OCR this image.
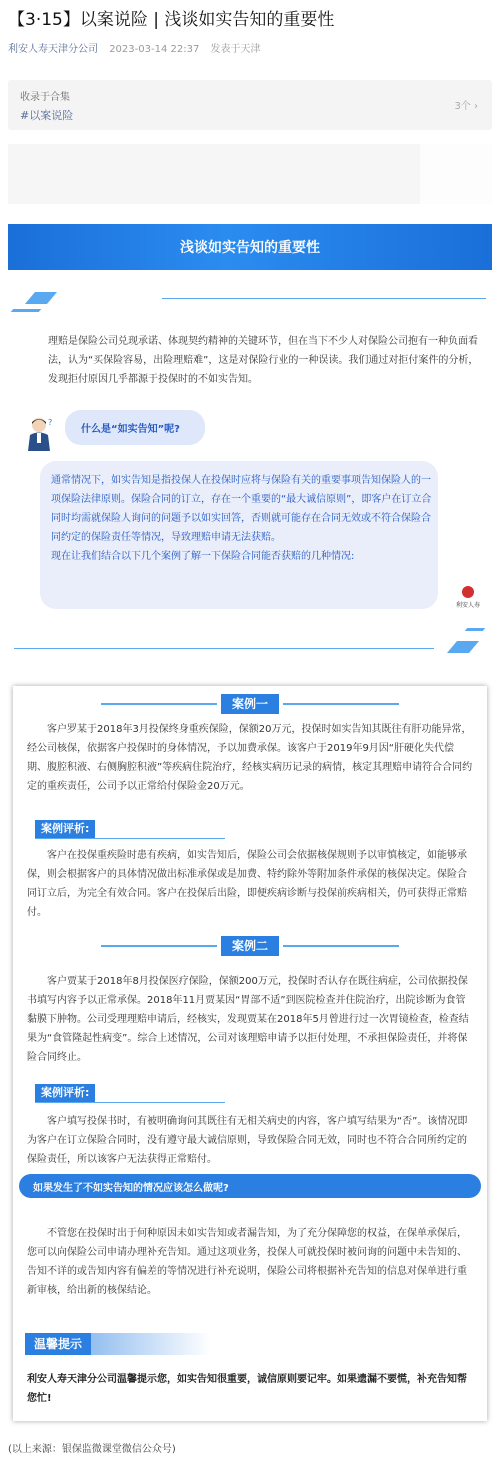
【3·15】以案说险 | 浅谈如实告知的重要性
利安人寿天津分公司 2023-03-14 22:37 发表于天津
收录于合集
#以案说险
3个 ›
浅谈如实告知的重要性
理赔是保险公司兑现承诺、体现契约精神的关键环节，但在当下不少人对保险公司抱有一种负面看法，认为“买保险容易，出险理赔难”，这是对保险行业的一种误读。我们通过对拒付案件的分析，发现拒付原因几乎都源于投保时的不如实告知。
?
什么是“如实告知”呢?
通常情况下，如实告知是指投保人在投保时应将与保险有关的重要事项告知保险人的一项保险法律原则。保险合同的订立，存在一个重要的“最大诚信原则”，即客户在订立合同时均需就保险人询问的问题予以如实回答，否则就可能存在合同无效或不符合保险合同约定的保险责任等情况，导致理赔申请无法获赔。
现在让我们结合以下几个案例了解一下保险合同能否获赔的几种情况:
利安人寿
案例一
客户罗某于2018年3月投保终身重疾保险，保额20万元，投保时如实告知其既往有肝功能异常，经公司核保，依据客户投保时的身体情况，予以加费承保。该客户于2019年9月因“肝硬化失代偿期、腹腔积液、右侧胸腔积液”等疾病住院治疗，经核实病历记录的病情，核定其理赔申请符合合同约定的重疾责任，公司予以正常给付保险金20万元。
案例评析:
客户在投保重疾险时患有疾病，如实告知后，保险公司会依据核保规则予以审慎核定，如能够承保，则会根据客户的具体情况做出标准承保或是加费、特约除外等附加条件承保的核保决定。保险合同订立后，为完全有效合同。客户在投保后出险，即便疾病诊断与投保前疾病相关，仍可获得正常赔付。
案例二
客户贾某于2018年8月投保医疗保险，保额200万元，投保时否认存在既往病症，公司依据投保书填写内容予以正常承保。2018年11月贾某因“胃部不适”到医院检查并住院治疗，出院诊断为食管黏膜下肿物。公司受理理赔申请后，经核实，发现贾某在2018年5月曾进行过一次胃镜检查，检查结果为“食管隆起性病变”。综合上述情况，公司对该理赔申请予以拒付处理，不承担保险责任，并将保险合同终止。
案例评析:
客户填写投保书时，有被明确询问其既往有无相关病史的内容，客户填写结果为“否”。该情况即为客户在订立保险合同时，没有遵守最大诚信原则，导致保险合同无效，同时也不符合合同所约定的保险责任，所以该客户无法获得正常赔付。
如果发生了不如实告知的情况应该怎么做呢?
不管您在投保时出于何种原因未如实告知或者漏告知，为了充分保障您的权益，在保单承保后，您可以向保险公司申请办理补充告知。通过这项业务，投保人可就投保时被问询的问题中未告知的、告知不详的或告知内容有偏差的等情况进行补充说明，保险公司将根据补充告知的信息对保单进行重新审核，给出新的核保结论。
温馨提示
利安人寿天津分公司温馨提示您，如实告知很重要，诚信原则要记牢。如果遗漏不要慌，补充告知帮您忙!
(以上来源：银保监微课堂微信公众号)
